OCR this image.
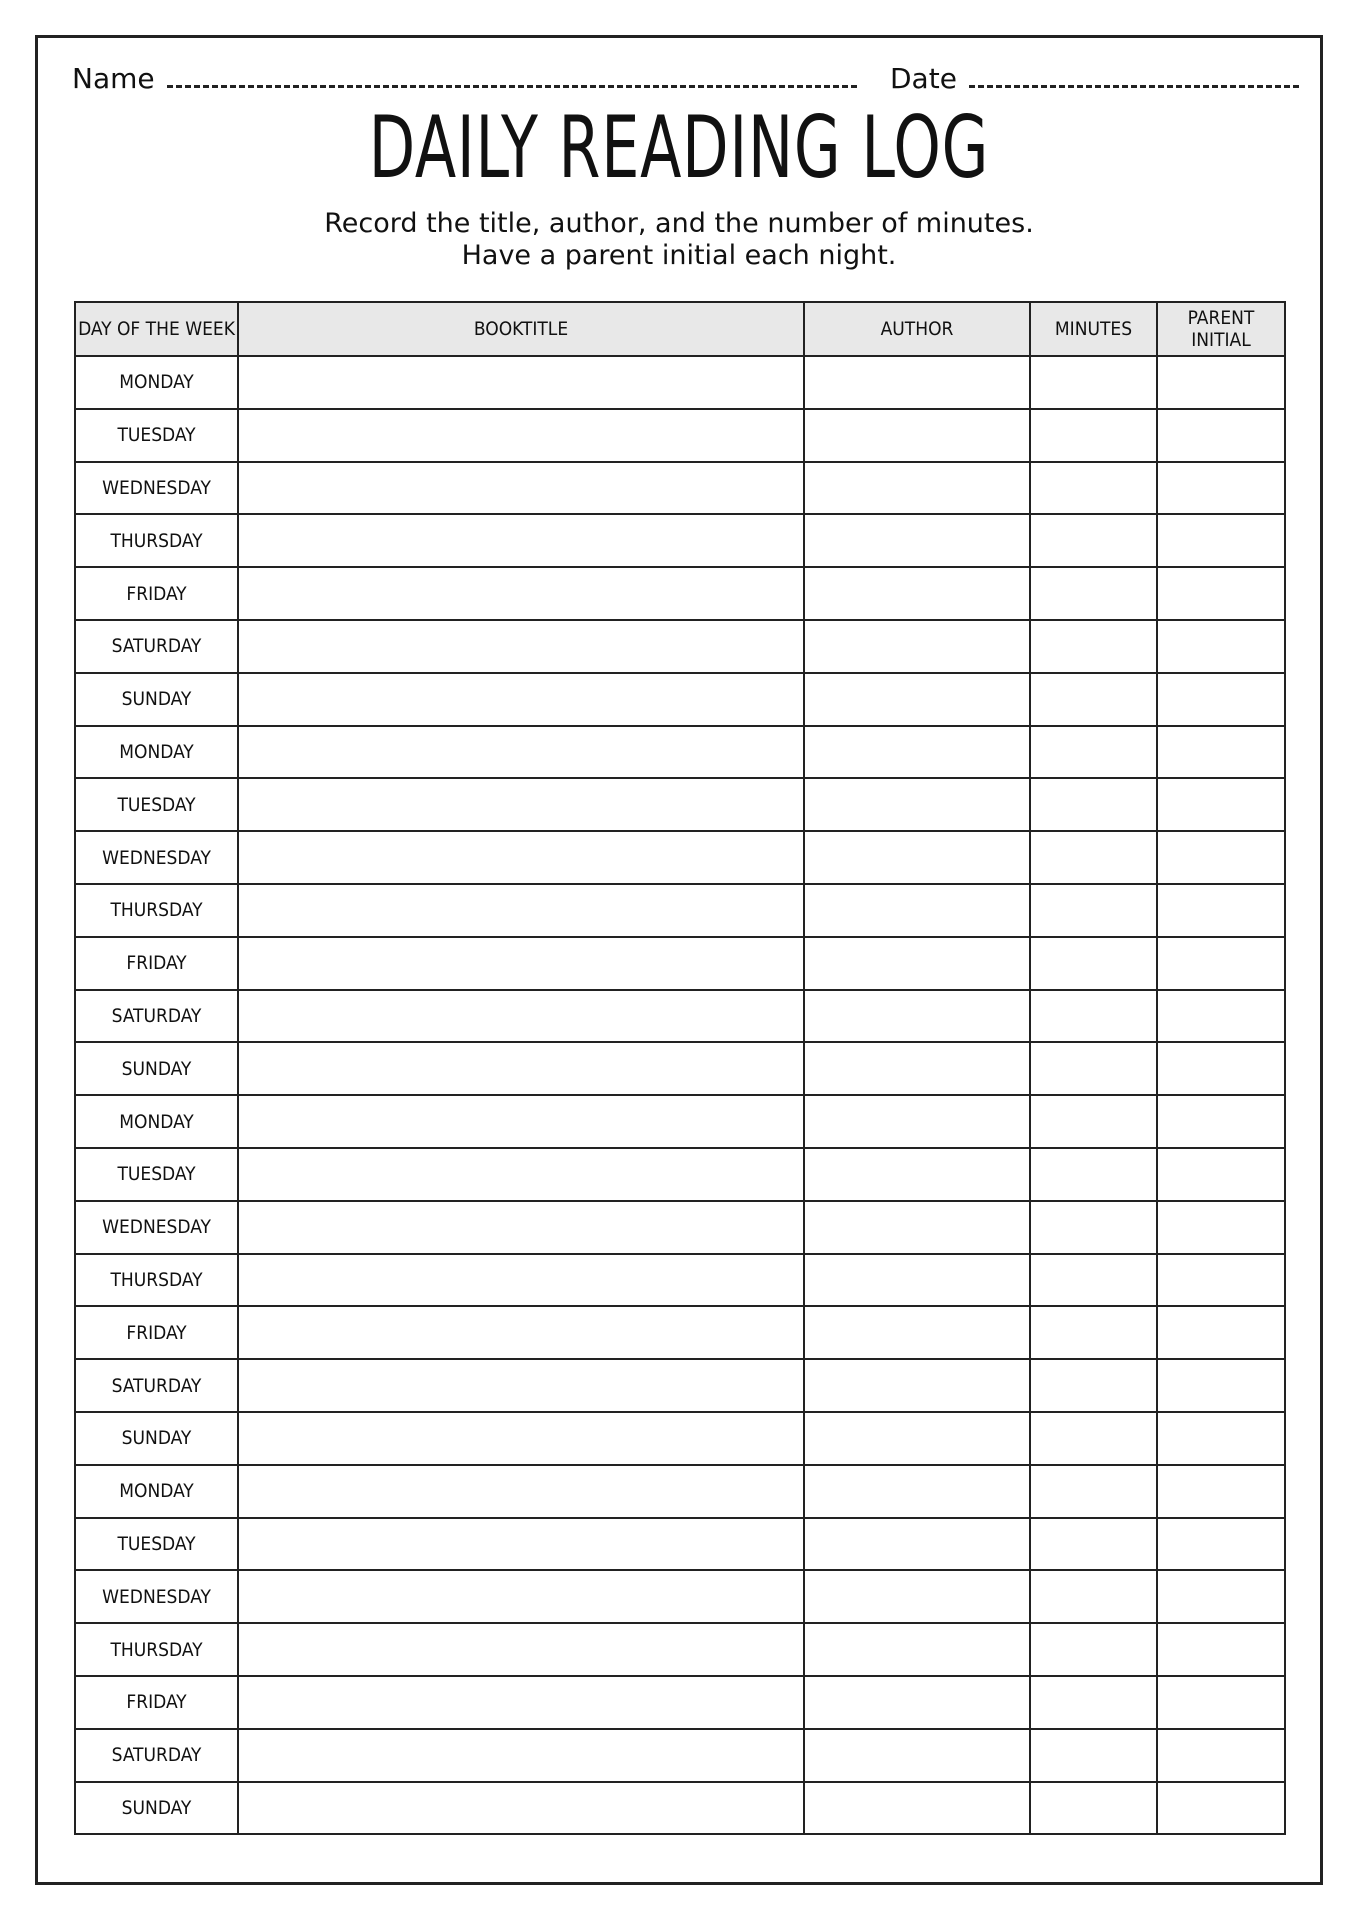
Name	Date
DAILY READING LOG
Record the title, author, and the number of minutes.
Have a parent initial each night.
DAY OF THE WEEK	BOOKTITLE	AUTHOR	MINUTES	PARENT INITIAL
MONDAY				
TUESDAY				
WEDNESDAY				
THURSDAY				
FRIDAY				
SATURDAY				
SUNDAY				
MONDAY				
TUESDAY				
WEDNESDAY				
THURSDAY				
FRIDAY				
SATURDAY				
SUNDAY				
MONDAY				
TUESDAY				
WEDNESDAY				
THURSDAY				
FRIDAY				
SATURDAY				
SUNDAY				
MONDAY				
TUESDAY				
WEDNESDAY				
THURSDAY				
FRIDAY				
SATURDAY				
SUNDAY				
